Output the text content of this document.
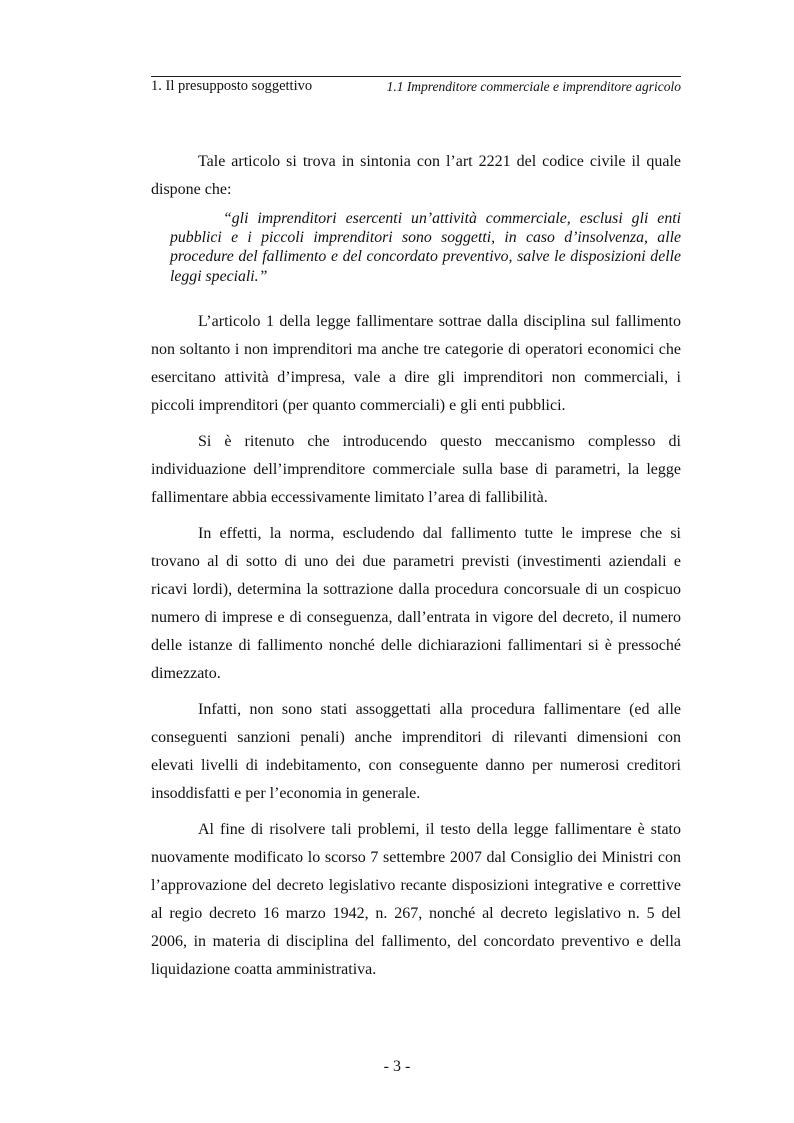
1. Il presupposto soggettivo	1.1 Imprenditore commerciale e imprenditore agricolo

Tale articolo si trova in sintonia con l’art 2221 del codice civile il quale dispone che:

“gli imprenditori esercenti un’attività commerciale, esclusi gli enti pubblici e i piccoli imprenditori sono soggetti, in caso d’insolvenza, alle procedure del fallimento e del concordato preventivo, salve le disposizioni delle leggi speciali.”

L’articolo 1 della legge fallimentare sottrae dalla disciplina sul fallimento non soltanto i non imprenditori ma anche tre categorie di operatori economici che esercitano attività d’impresa, vale a dire gli imprenditori non commerciali, i piccoli imprenditori (per quanto commerciali) e gli enti pubblici.

Si è ritenuto che introducendo questo meccanismo complesso di individuazione dell’imprenditore commerciale sulla base di parametri, la legge fallimentare abbia eccessivamente limitato l’area di fallibilità.

In effetti, la norma, escludendo dal fallimento tutte le imprese che si trovano al di sotto di uno dei due parametri previsti (investimenti aziendali e ricavi lordi), determina la sottrazione dalla procedura concorsuale di un cospicuo numero di imprese e di conseguenza, dall’entrata in vigore del decreto, il numero delle istanze di fallimento nonché delle dichiarazioni fallimentari si è pressoché dimezzato.

Infatti, non sono stati assoggettati alla procedura fallimentare (ed alle conseguenti sanzioni penali) anche imprenditori di rilevanti dimensioni con elevati livelli di indebitamento, con conseguente danno per numerosi creditori insoddisfatti e per l’economia in generale.

Al fine di risolvere tali problemi, il testo della legge fallimentare è stato nuovamente modificato lo scorso 7 settembre 2007 dal Consiglio dei Ministri con l’approvazione del decreto legislativo recante disposizioni integrative e correttive al regio decreto 16 marzo 1942, n. 267, nonché al decreto legislativo n. 5 del 2006, in materia di disciplina del fallimento, del concordato preventivo e della liquidazione coatta amministrativa.

- 3 -
